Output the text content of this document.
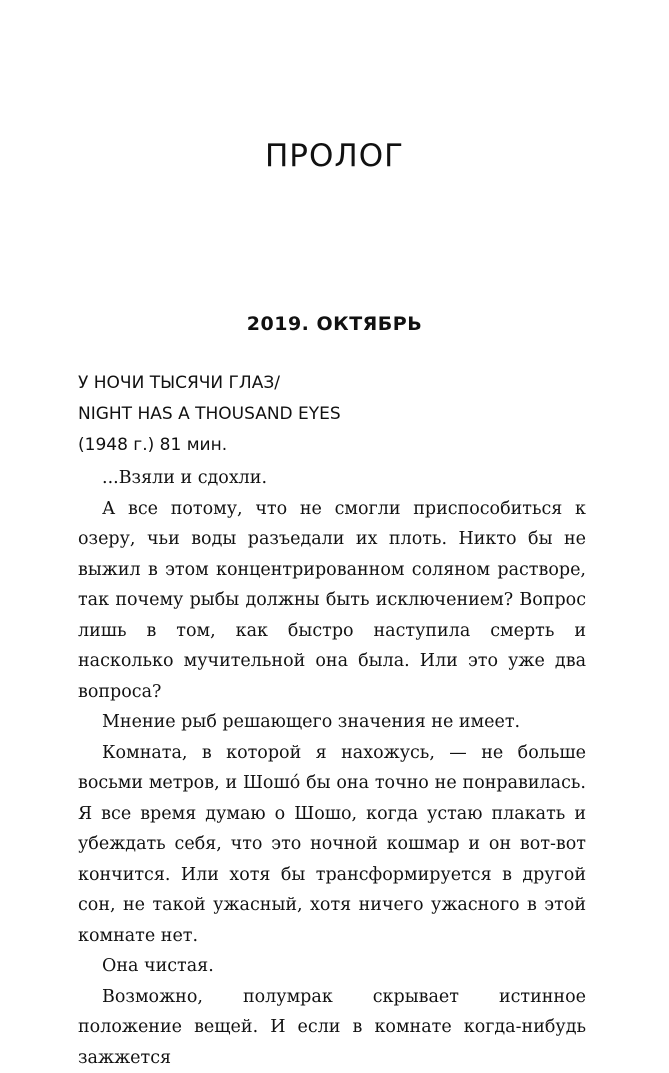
ПРОЛОГ
2019. ОКТЯБРЬ
У НОЧИ ТЫСЯЧИ ГЛАЗ/
NIGHT HAS A THOUSAND EYES
(1948 г.) 81 мин.

...Взяли и сдохли.

А все потому, что не смогли приспособиться к озеру, чьи воды разъедали их плоть. Никто бы не выжил в этом концентрированном соляном растворе, так почему рыбы должны быть исключением? Вопрос лишь в том, как быстро наступила смерть и насколько мучительной она была. Или это уже два вопроса?

Мнение рыб решающего значения не имеет.

Комната, в которой я нахожусь, — не больше восьми метров, и Шошó бы она точно не понравилась. Я все время думаю о Шошо, когда устаю плакать и убеждать себя, что это ночной кошмар и он вот-вот кончится. Или хотя бы трансформируется в другой сон, не такой ужасный, хотя ничего ужасного в этой комнате нет.

Она чистая.

Возможно, полумрак скрывает истинное положение вещей. И если в комнате когда-нибудь зажжется
